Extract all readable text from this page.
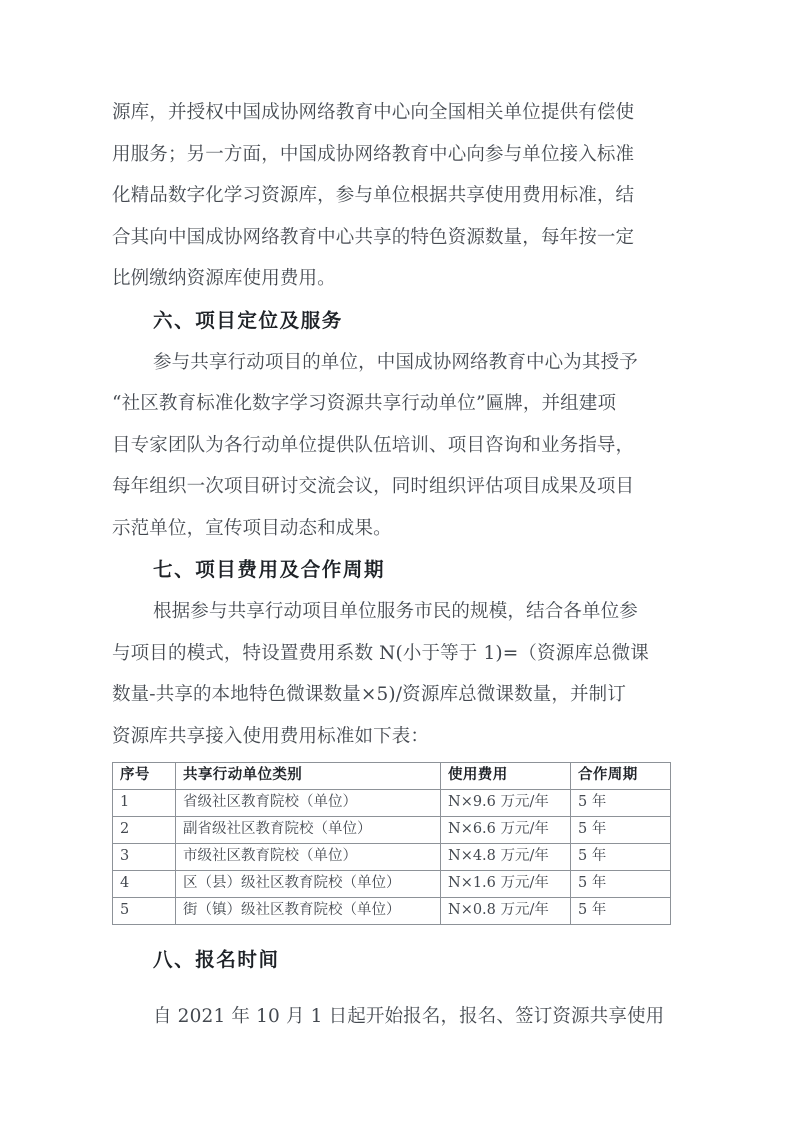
源库，并授权中国成协网络教育中心向全国相关单位提供有偿使
用服务；另一方面，中国成协网络教育中心向参与单位接入标准
化精品数字化学习资源库，参与单位根据共享使用费用标准，结
合其向中国成协网络教育中心共享的特色资源数量，每年按一定
比例缴纳资源库使用费用。
六、项目定位及服务
参与共享行动项目的单位，中国成协网络教育中心为其授予
“社区教育标准化数字学习资源共享行动单位”匾牌，并组建项
目专家团队为各行动单位提供队伍培训、项目咨询和业务指导，
每年组织一次项目研讨交流会议，同时组织评估项目成果及项目
示范单位，宣传项目动态和成果。
七、项目费用及合作周期
根据参与共享行动项目单位服务市民的规模，结合各单位参
与项目的模式，特设置费用系数 N(小于等于 1)=（资源库总微课
数量-共享的本地特色微课数量×5)/资源库总微课数量，并制订
资源库共享接入使用费用标准如下表：
序号	共享行动单位类别	使用费用	合作周期
1	省级社区教育院校（单位）	N×9.6 万元/年	5 年
2	副省级社区教育院校（单位）	N×6.6 万元/年	5 年
3	市级社区教育院校（单位）	N×4.8 万元/年	5 年
4	区（县）级社区教育院校（单位）	N×1.6 万元/年	5 年
5	街（镇）级社区教育院校（单位）	N×0.8 万元/年	5 年
八、报名时间
自 2021 年 10 月 1 日起开始报名，报名、签订资源共享使用
